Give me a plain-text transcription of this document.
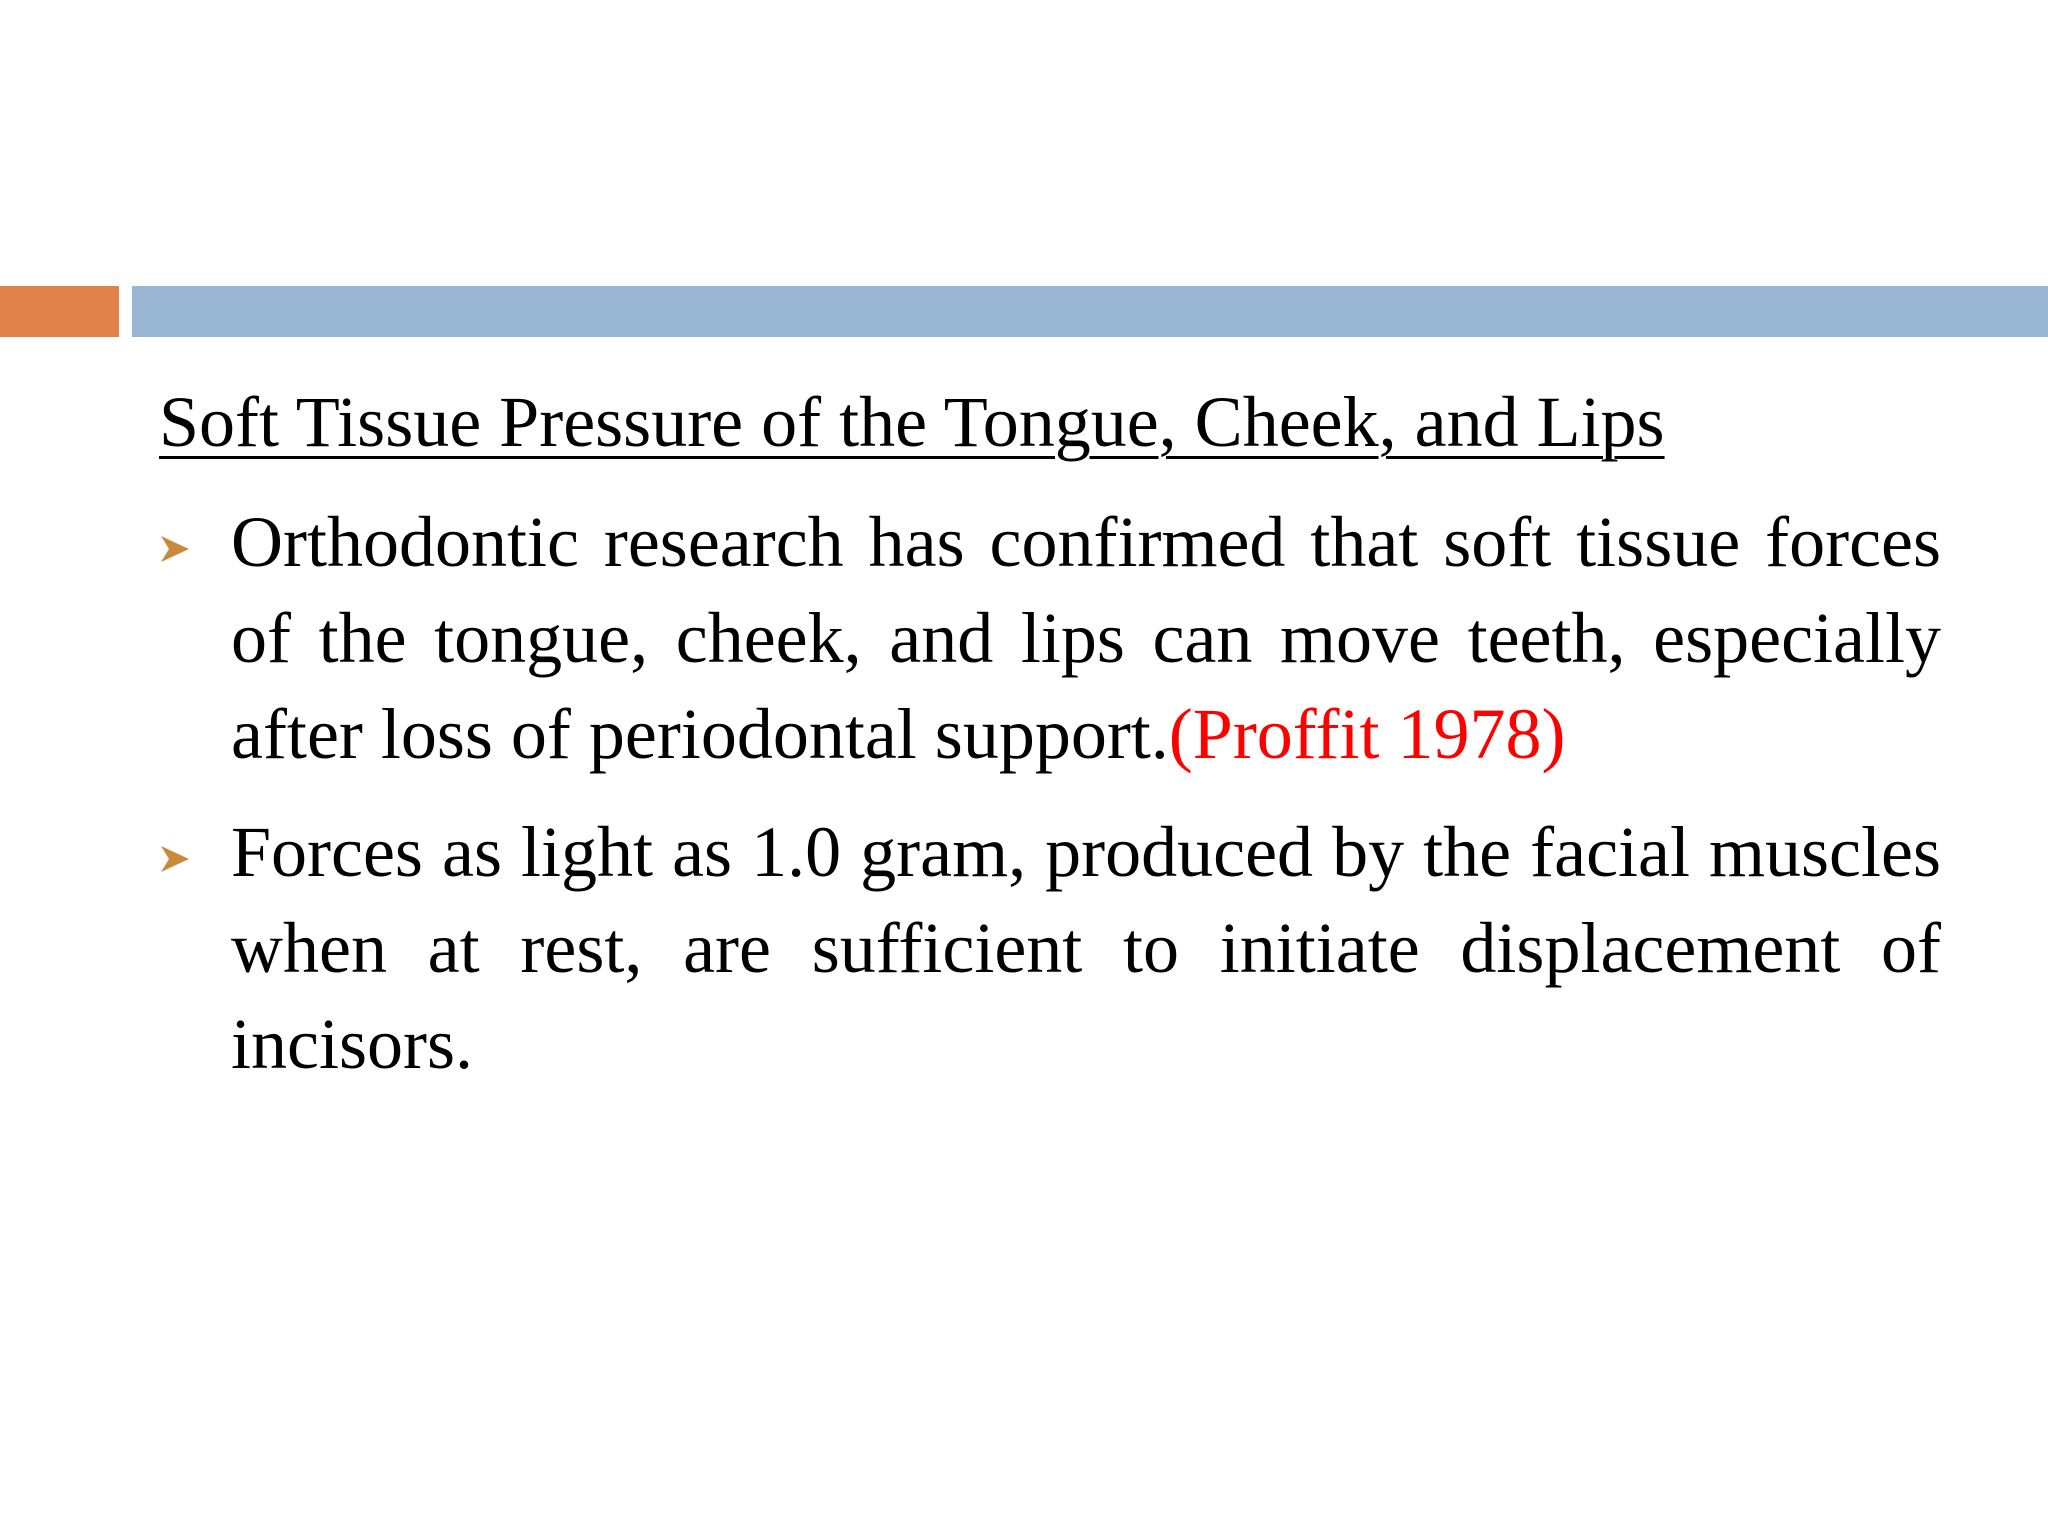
Soft Tissue Pressure of the Tongue, Cheek, and Lips
Orthodontic research has confirmed that soft tissue forces of the tongue, cheek, and lips can move teeth, especially after loss of periodontal support.(Proffit 1978)
Forces as light as 1.0 gram, produced by the facial muscles when at rest, are sufficient to initiate displacement of incisors.
